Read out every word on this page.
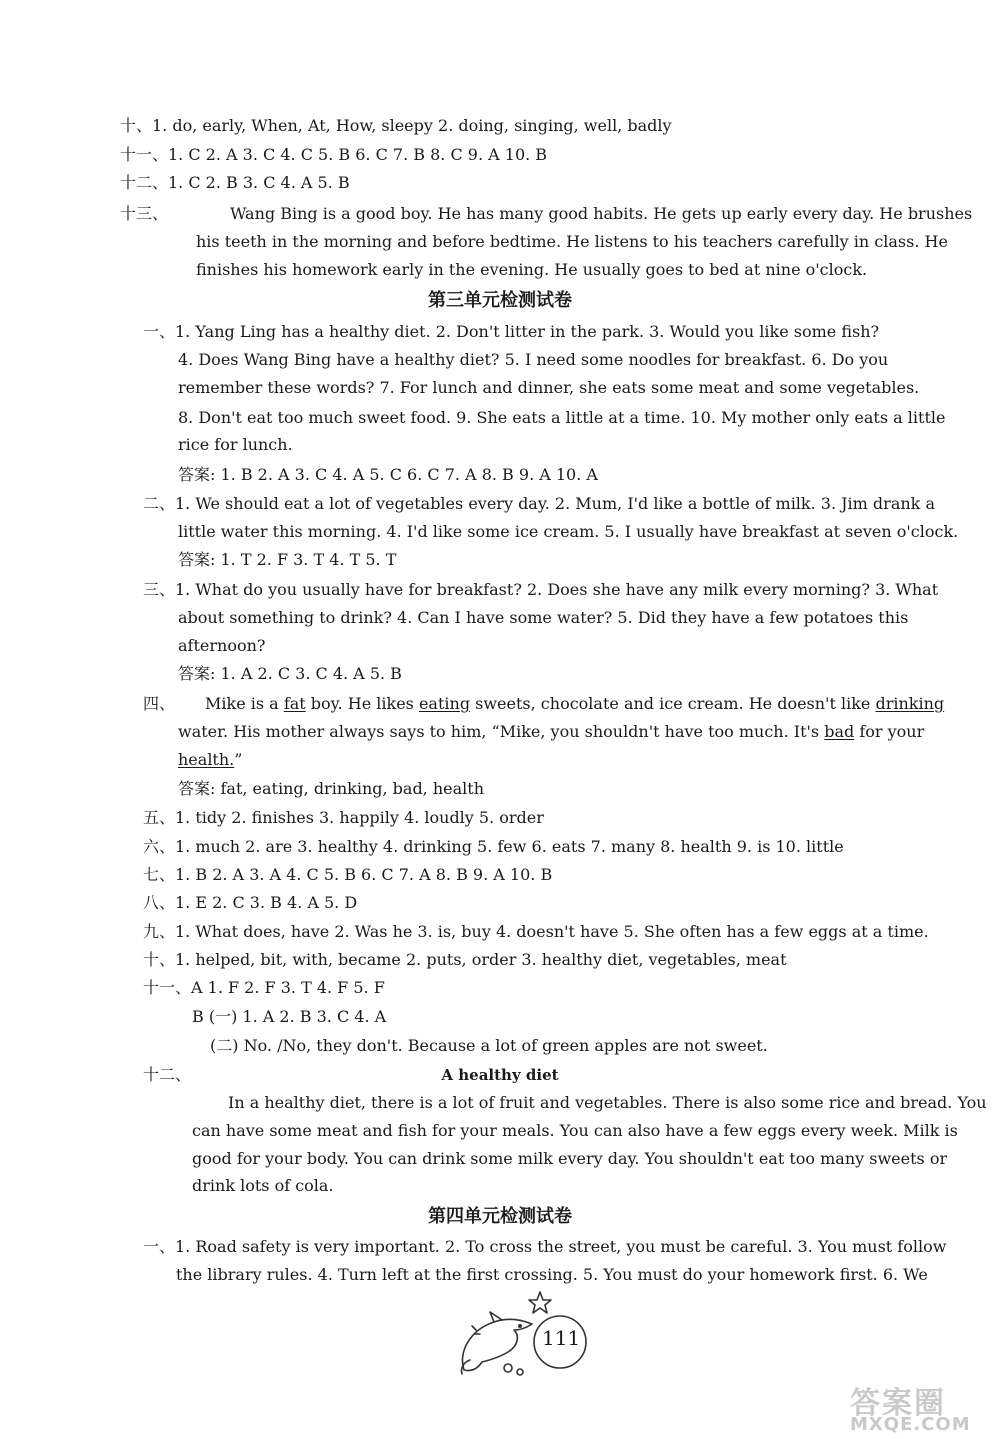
十、1. do, early, When, At, How, sleepy 2. doing, singing, well, badly
十一、1. C 2. A 3. C 4. C 5. B 6. C 7. B 8. C 9. A 10. B
十二、1. C 2. B 3. C 4. A 5. B
十三、	Wang Bing is a good boy. He has many good habits. He gets up early every day. He brushes
his teeth in the morning and before bedtime. He listens to his teachers carefully in class. He
finishes his homework early in the evening. He usually goes to bed at nine o'clock.
第三单元检测试卷
一、1. Yang Ling has a healthy diet. 2. Don't litter in the park. 3. Would you like some fish?
4. Does Wang Bing have a healthy diet? 5. I need some noodles for breakfast. 6. Do you
remember these words? 7. For lunch and dinner, she eats some meat and some vegetables.
8. Don't eat too much sweet food. 9. She eats a little at a time. 10. My mother only eats a little
rice for lunch.
答案: 1. B 2. A 3. C 4. A 5. C 6. C 7. A 8. B 9. A 10. A
二、1. We should eat a lot of vegetables every day. 2. Mum, I'd like a bottle of milk. 3. Jim drank a
little water this morning. 4. I'd like some ice cream. 5. I usually have breakfast at seven o'clock.
答案: 1. T 2. F 3. T 4. T 5. T
三、1. What do you usually have for breakfast? 2. Does she have any milk every morning? 3. What
about something to drink? 4. Can I have some water? 5. Did they have a few potatoes this
afternoon?
答案: 1. A 2. C 3. C 4. A 5. B
四、 Mike is a fat boy. He likes eating sweets, chocolate and ice cream. He doesn't like drinking
water. His mother always says to him, “Mike, you shouldn't have too much. It's bad for your
health.”
答案: fat, eating, drinking, bad, health
五、1. tidy 2. finishes 3. happily 4. loudly 5. order
六、1. much 2. are 3. healthy 4. drinking 5. few 6. eats 7. many 8. health 9. is 10. little
七、1. B 2. A 3. A 4. C 5. B 6. C 7. A 8. B 9. A 10. B
八、1. E 2. C 3. B 4. A 5. D
九、1. What does, have 2. Was he 3. is, buy 4. doesn't have 5. She often has a few eggs at a time.
十、1. helped, bit, with, became 2. puts, order 3. healthy diet, vegetables, meat
十一、A 1. F 2. F 3. T 4. F 5. F
B (一) 1. A 2. B 3. C 4. A
(二) No. /No, they don't. Because a lot of green apples are not sweet.
十二、	A healthy diet
In a healthy diet, there is a lot of fruit and vegetables. There is also some rice and bread. You
can have some meat and fish for your meals. You can also have a few eggs every week. Milk is
good for your body. You can drink some milk every day. You shouldn't eat too many sweets or
drink lots of cola.
第四单元检测试卷
一、1. Road safety is very important. 2. To cross the street, you must be careful. 3. You must follow
the library rules. 4. Turn left at the first crossing. 5. You must do your homework first. 6. We
111
答案圈
MXQE.COM
